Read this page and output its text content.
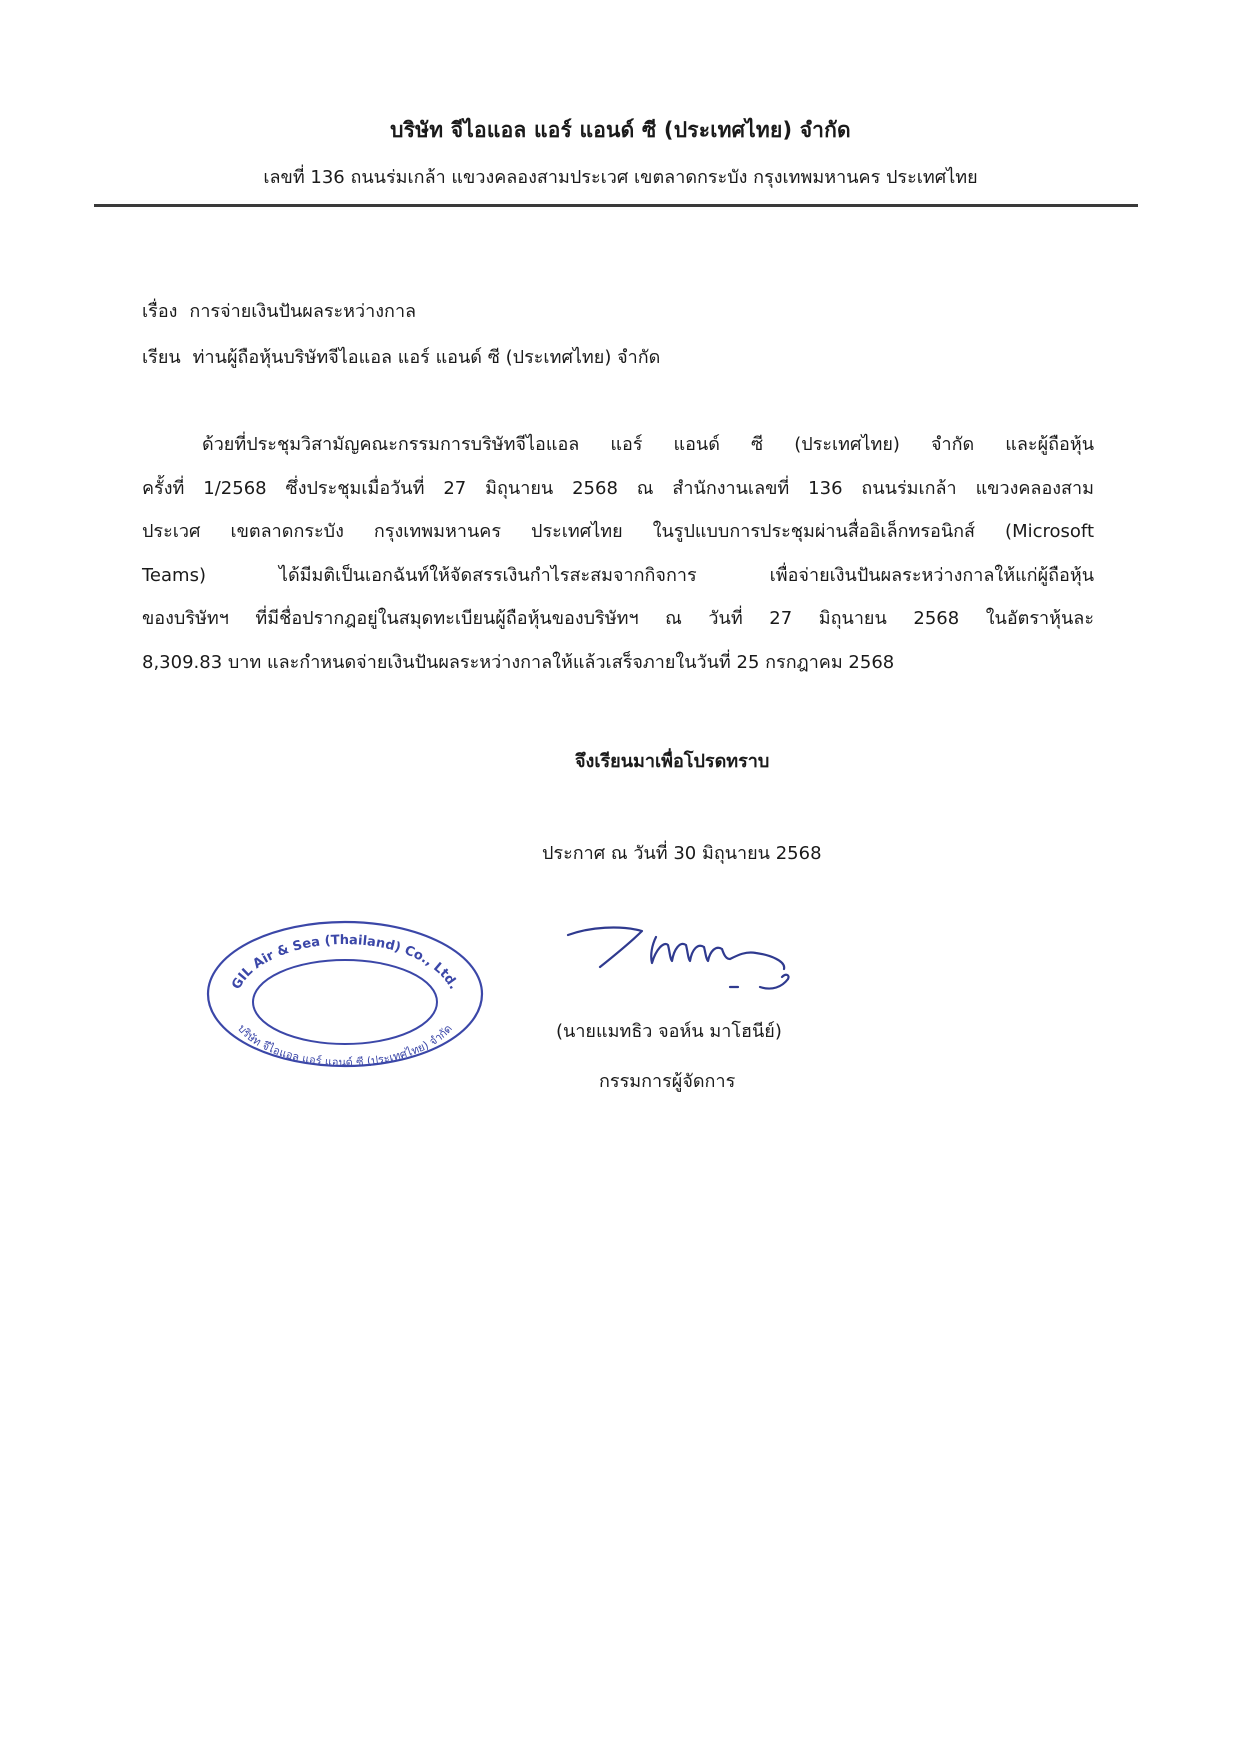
บริษัท จีไอแอล แอร์ แอนด์ ซี (ประเทศไทย) จำกัด
เลขที่ 136 ถนนร่มเกล้า แขวงคลองสามประเวศ เขตลาดกระบัง กรุงเทพมหานคร ประเทศไทย
เรื่อง การจ่ายเงินปันผลระหว่างกาล
เรียน ท่านผู้ถือหุ้นบริษัทจีไอแอล แอร์ แอนด์ ซี (ประเทศไทย) จำกัด
ด้วยที่ประชุมวิสามัญคณะกรรมการบริษัทจีไอแอล แอร์ แอนด์ ซี (ประเทศไทย) จำกัด และผู้ถือหุ้น
ครั้งที่ 1/2568 ซึ่งประชุมเมื่อวันที่ 27 มิถุนายน 2568 ณ สำนักงานเลขที่ 136 ถนนร่มเกล้า แขวงคลองสาม
ประเวศ เขตลาดกระบัง กรุงเทพมหานคร ประเทศไทย ในรูปแบบการประชุมผ่านสื่ออิเล็กทรอนิกส์ (Microsoft
Teams) ได้มีมติเป็นเอกฉันท์ให้จัดสรรเงินกำไรสะสมจากกิจการ เพื่อจ่ายเงินปันผลระหว่างกาลให้แก่ผู้ถือหุ้น
ของบริษัทฯ ที่มีชื่อปรากฎอยู่ในสมุดทะเบียนผู้ถือหุ้นของบริษัทฯ ณ วันที่ 27 มิถุนายน 2568 ในอัตราหุ้นละ
8,309.83 บาท และกำหนดจ่ายเงินปันผลระหว่างกาลให้แล้วเสร็จภายในวันที่ 25 กรกฎาคม 2568
จึงเรียนมาเพื่อโปรดทราบ
ประกาศ ณ วันที่ 30 มิถุนายน 2568
GIL Air & Sea (Thailand) Co., Ltd.
บริษัท จีไอแอล แอร์ แอนด์ ซี (ประเทศไทย) จำกัด	(นายแมทธิว จอห์น มาโฮนีย์)
กรรมการผู้จัดการ
